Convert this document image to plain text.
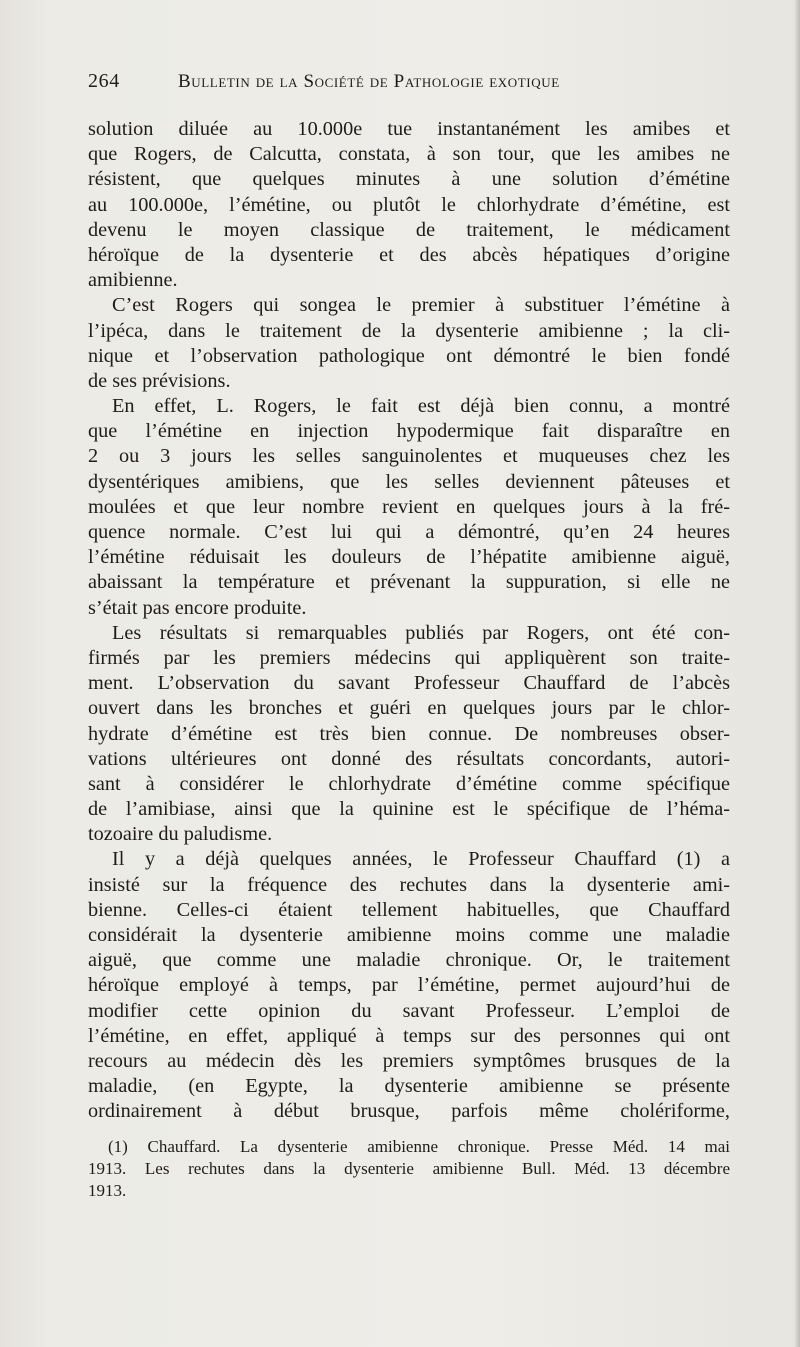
264	Bulletin de la Société de Pathologie exotique
solution diluée au 10.000e tue instantanément les amibes et
que Rogers, de Calcutta, constata, à son tour, que les amibes ne
résistent, que quelques minutes à une solution d’émétine
au 100.000e, l’émétine, ou plutôt le chlorhydrate d’émétine, est
devenu le moyen classique de traitement, le médicament
héroïque de la dysenterie et des abcès hépatiques d’origine
amibienne.
C’est Rogers qui songea le premier à substituer l’émétine à
l’ipéca, dans le traitement de la dysenterie amibienne ; la cli-
nique et l’observation pathologique ont démontré le bien fondé
de ses prévisions.
En effet, L. Rogers, le fait est déjà bien connu, a montré
que l’émétine en injection hypodermique fait disparaître en
2 ou 3 jours les selles sanguinolentes et muqueuses chez les
dysentériques amibiens, que les selles deviennent pâteuses et
moulées et que leur nombre revient en quelques jours à la fré-
quence normale. C’est lui qui a démontré, qu’en 24 heures
l’émétine réduisait les douleurs de l’hépatite amibienne aiguë,
abaissant la température et prévenant la suppuration, si elle ne
s’était pas encore produite.
Les résultats si remarquables publiés par Rogers, ont été con-
firmés par les premiers médecins qui appliquèrent son traite-
ment. L’observation du savant Professeur Chauffard de l’abcès
ouvert dans les bronches et guéri en quelques jours par le chlor-
hydrate d’émétine est très bien connue. De nombreuses obser-
vations ultérieures ont donné des résultats concordants, autori-
sant à considérer le chlorhydrate d’émétine comme spécifique
de l’amibiase, ainsi que la quinine est le spécifique de l’héma-
tozoaire du paludisme.
Il y a déjà quelques années, le Professeur Chauffard (1) a
insisté sur la fréquence des rechutes dans la dysenterie ami-
bienne. Celles-ci étaient tellement habituelles, que Chauffard
considérait la dysenterie amibienne moins comme une maladie
aiguë, que comme une maladie chronique. Or, le traitement
héroïque employé à temps, par l’émétine, permet aujourd’hui de
modifier cette opinion du savant Professeur. L’emploi de
l’émétine, en effet, appliqué à temps sur des personnes qui ont
recours au médecin dès les premiers symptômes brusques de la
maladie, (en Egypte, la dysenterie amibienne se présente
ordinairement à début brusque, parfois même cholériforme,
(1) Chauffard. La dysenterie amibienne chronique. Presse Méd. 14 mai
1913. Les rechutes dans la dysenterie amibienne Bull. Méd. 13 décembre
1913.
